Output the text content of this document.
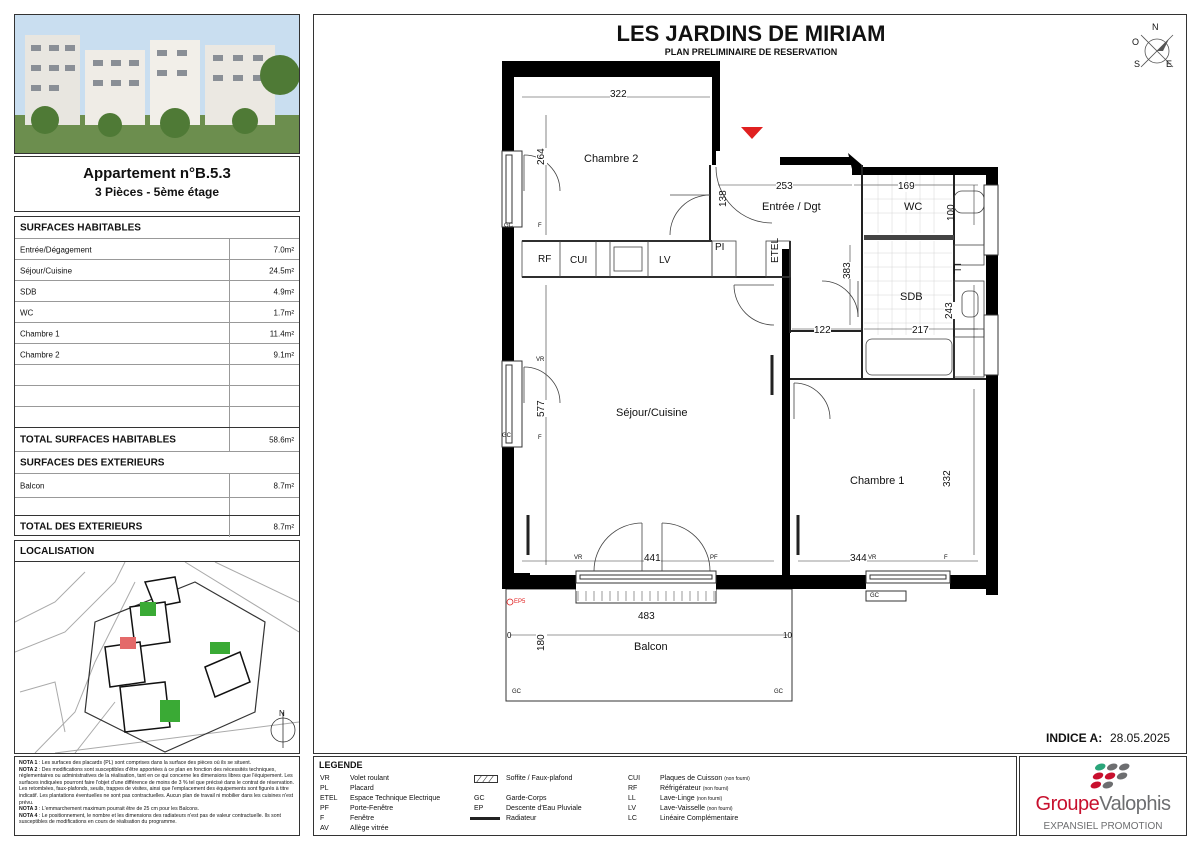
Appartement n°B.5.3
3 Pièces - 5ème étage
SURFACES HABITABLES
Entrée/Dégagement	7.0m²
Séjour/Cuisine	24.5m²
SDB	4.9m²
WC	1.7m²
Chambre 1	11.4m²
Chambre 2	9.1m²
TOTAL SURFACES HABITABLES	58.6m²
SURFACES DES EXTERIEURS
Balcon	8.7m²
TOTAL DES EXTERIEURS	8.7m²
LOCALISATION
N
NOTA 1 : Les surfaces des placards (PL) sont comprises dans la surface des pièces où ils se situent.
NOTA 2 : Des modifications sont susceptibles d'être apportées à ce plan en fonction des nécessités techniques, réglementaires ou administratives de la réalisation, tant en ce qui concerne les dimensions libres que l'équipement. Les surfaces indiquées pourront faire l'objet d'une différence de moins de 3 % tel que précisé dans le contrat de réservation. Les retombées, faux-plafonds, seuils, trappes de visites, ainsi que l'emplacement des équipements sont figurés à titre indicatif. Les plantations éventuelles ne sont pas contractuelles. Aucun plan de travail ni mobilier dans les cuisines n'est prévu.
NOTA 3 : L'emmarchement maximum pourrait être de 25 cm pour les Balcons.
NOTA 4 : Le positionnement, le nombre et les dimensions des radiateurs n'est pas de valeur contractuelle. Ils sont susceptibles de modifications en cours de réalisation du programme.
LES JARDINS DE MIRIAM
PLAN PRELIMINAIRE DE RESERVATION
N
O
S	E
Chambre 2
Entrée / Dgt	WC
SDB
Séjour/Cuisine
Chambre 1
Balcon
RF CUI	LV
PI	ETEL
LL
322
264
253	169
138
100
383
243
122	217
577
332
441	344
483
180
0	10
GC	F
VR
GC	F
VR	PF	VR	F
GC
EP5
GC	GC
INDICE A: 28.05.2025
LEGENDE
VR	Volet roulant
PL	Placard
ETEL Espace Technique Electrique
PF	Porte-Fenêtre
F	Fenêtre
AV	Allège vitrée
Soffite / Faux-plafond
GC	Garde-Corps
EP	Descente d'Eau Pluviale
Radiateur
CUI	Plaques de Cuisson (non fourni)
RF	Réfrigérateur (non fourni)
LL	Lave-Linge (non fourni)
LV	Lave-Vaisselle (non fourni)
LC	Linéaire Complémentaire
GroupeValophis
EXPANSIEL PROMOTION
